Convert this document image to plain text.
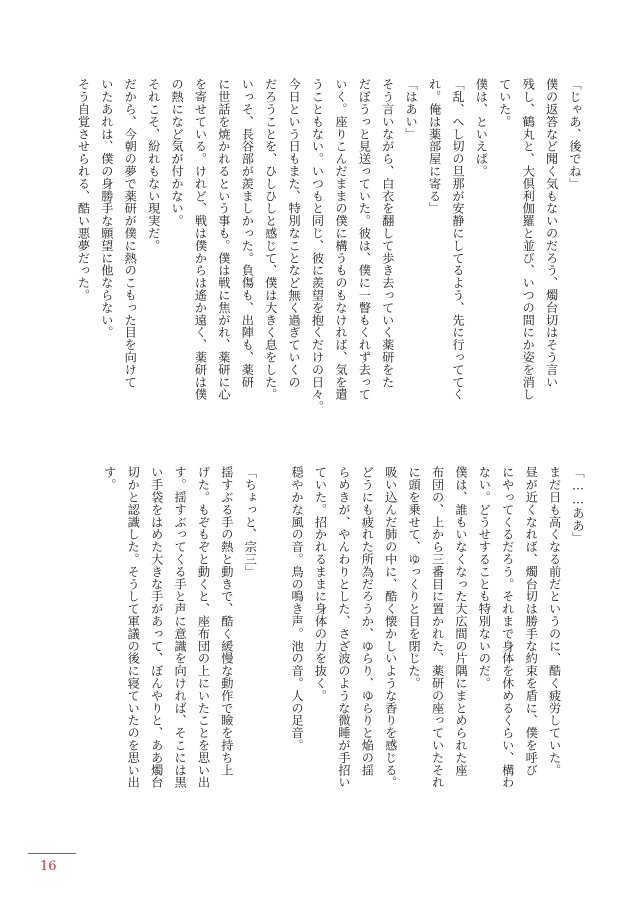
「じゃあ、後でね」
僕の返答など聞く気もないのだろう、燭台切はそう言い
残し、鶴丸と、大倶利伽羅と並び、いつの間にか姿を消し
ていた。
僕は、といえば。
「乱、へし切の旦那が安静にしてるよう、先に行っててく
れ。俺は薬部屋に寄る」
「はあい」
そう言いながら、白衣を翻して歩き去っていく薬研をた
だぼうっと見送っていた。彼は、僕に一瞥もくれず去って
いく。座りこんだままの僕に構うものもなければ、気を遣
うこともない。いつもと同じ、彼に羨望を抱くだけの日々。
今日という日もまた、特別なことなど無く過ぎていくの
だろうことを、ひしひしと感じて、僕は大きく息をした。
いっそ、長谷部が羨ましかった。負傷も、出陣も、薬研
に世話を焼かれるという事も。僕は戦に焦がれ、薬研に心
を寄せている。けれど、戦は僕からは遙か遠く、薬研は僕
の熱になど気が付かない。
それこそ、紛れもない現実だ。
だから、今朝の夢で薬研が僕に熱のこもった目を向けて
いたあれは、僕の身勝手な願望に他ならない。
そう自覚させられる、酷い悪夢だった。
「……ああ」
まだ日も高くなる前だというのに、酷く疲労していた。
昼が近くなれば、燭台切は勝手な約束を盾に、僕を呼び
にやってくるだろう。それまで身体を休めるくらい、構わ
ない。どうせすることも特別ないのだ。
僕は、誰もいなくなった大広間の片隅にまとめられた座
布団の、上から三番目に置かれた、薬研の座っていたそれ
に頭を乗せて、ゆっくりと目を閉じた。
吸い込んだ肺の中に、酷く懐かしいような香りを感じる。
どうにも疲れた所為だろうか、ゆらり、ゆらりと焔の揺
らめきが、やんわりとした、さざ波のような微睡が手招い
ていた。招かれるままに身体の力を抜く。
穏やかな風の音。鳥の鳴き声。池の音。人の足音。

「ちょっと、宗三」
揺すぶる手の熱と動きで、酷く緩慢な動作で瞼を持ち上
げた。もぞもぞと動くと、座布団の上にいたことを思い出
す。揺すぶってくる手と声に意識を向ければ、そこには黒
い手袋をはめた大きな手があって、ぼんやりと、ああ燭台
切かと認識した。そうして軍議の後に寝ていたのを思い出
す。
16
